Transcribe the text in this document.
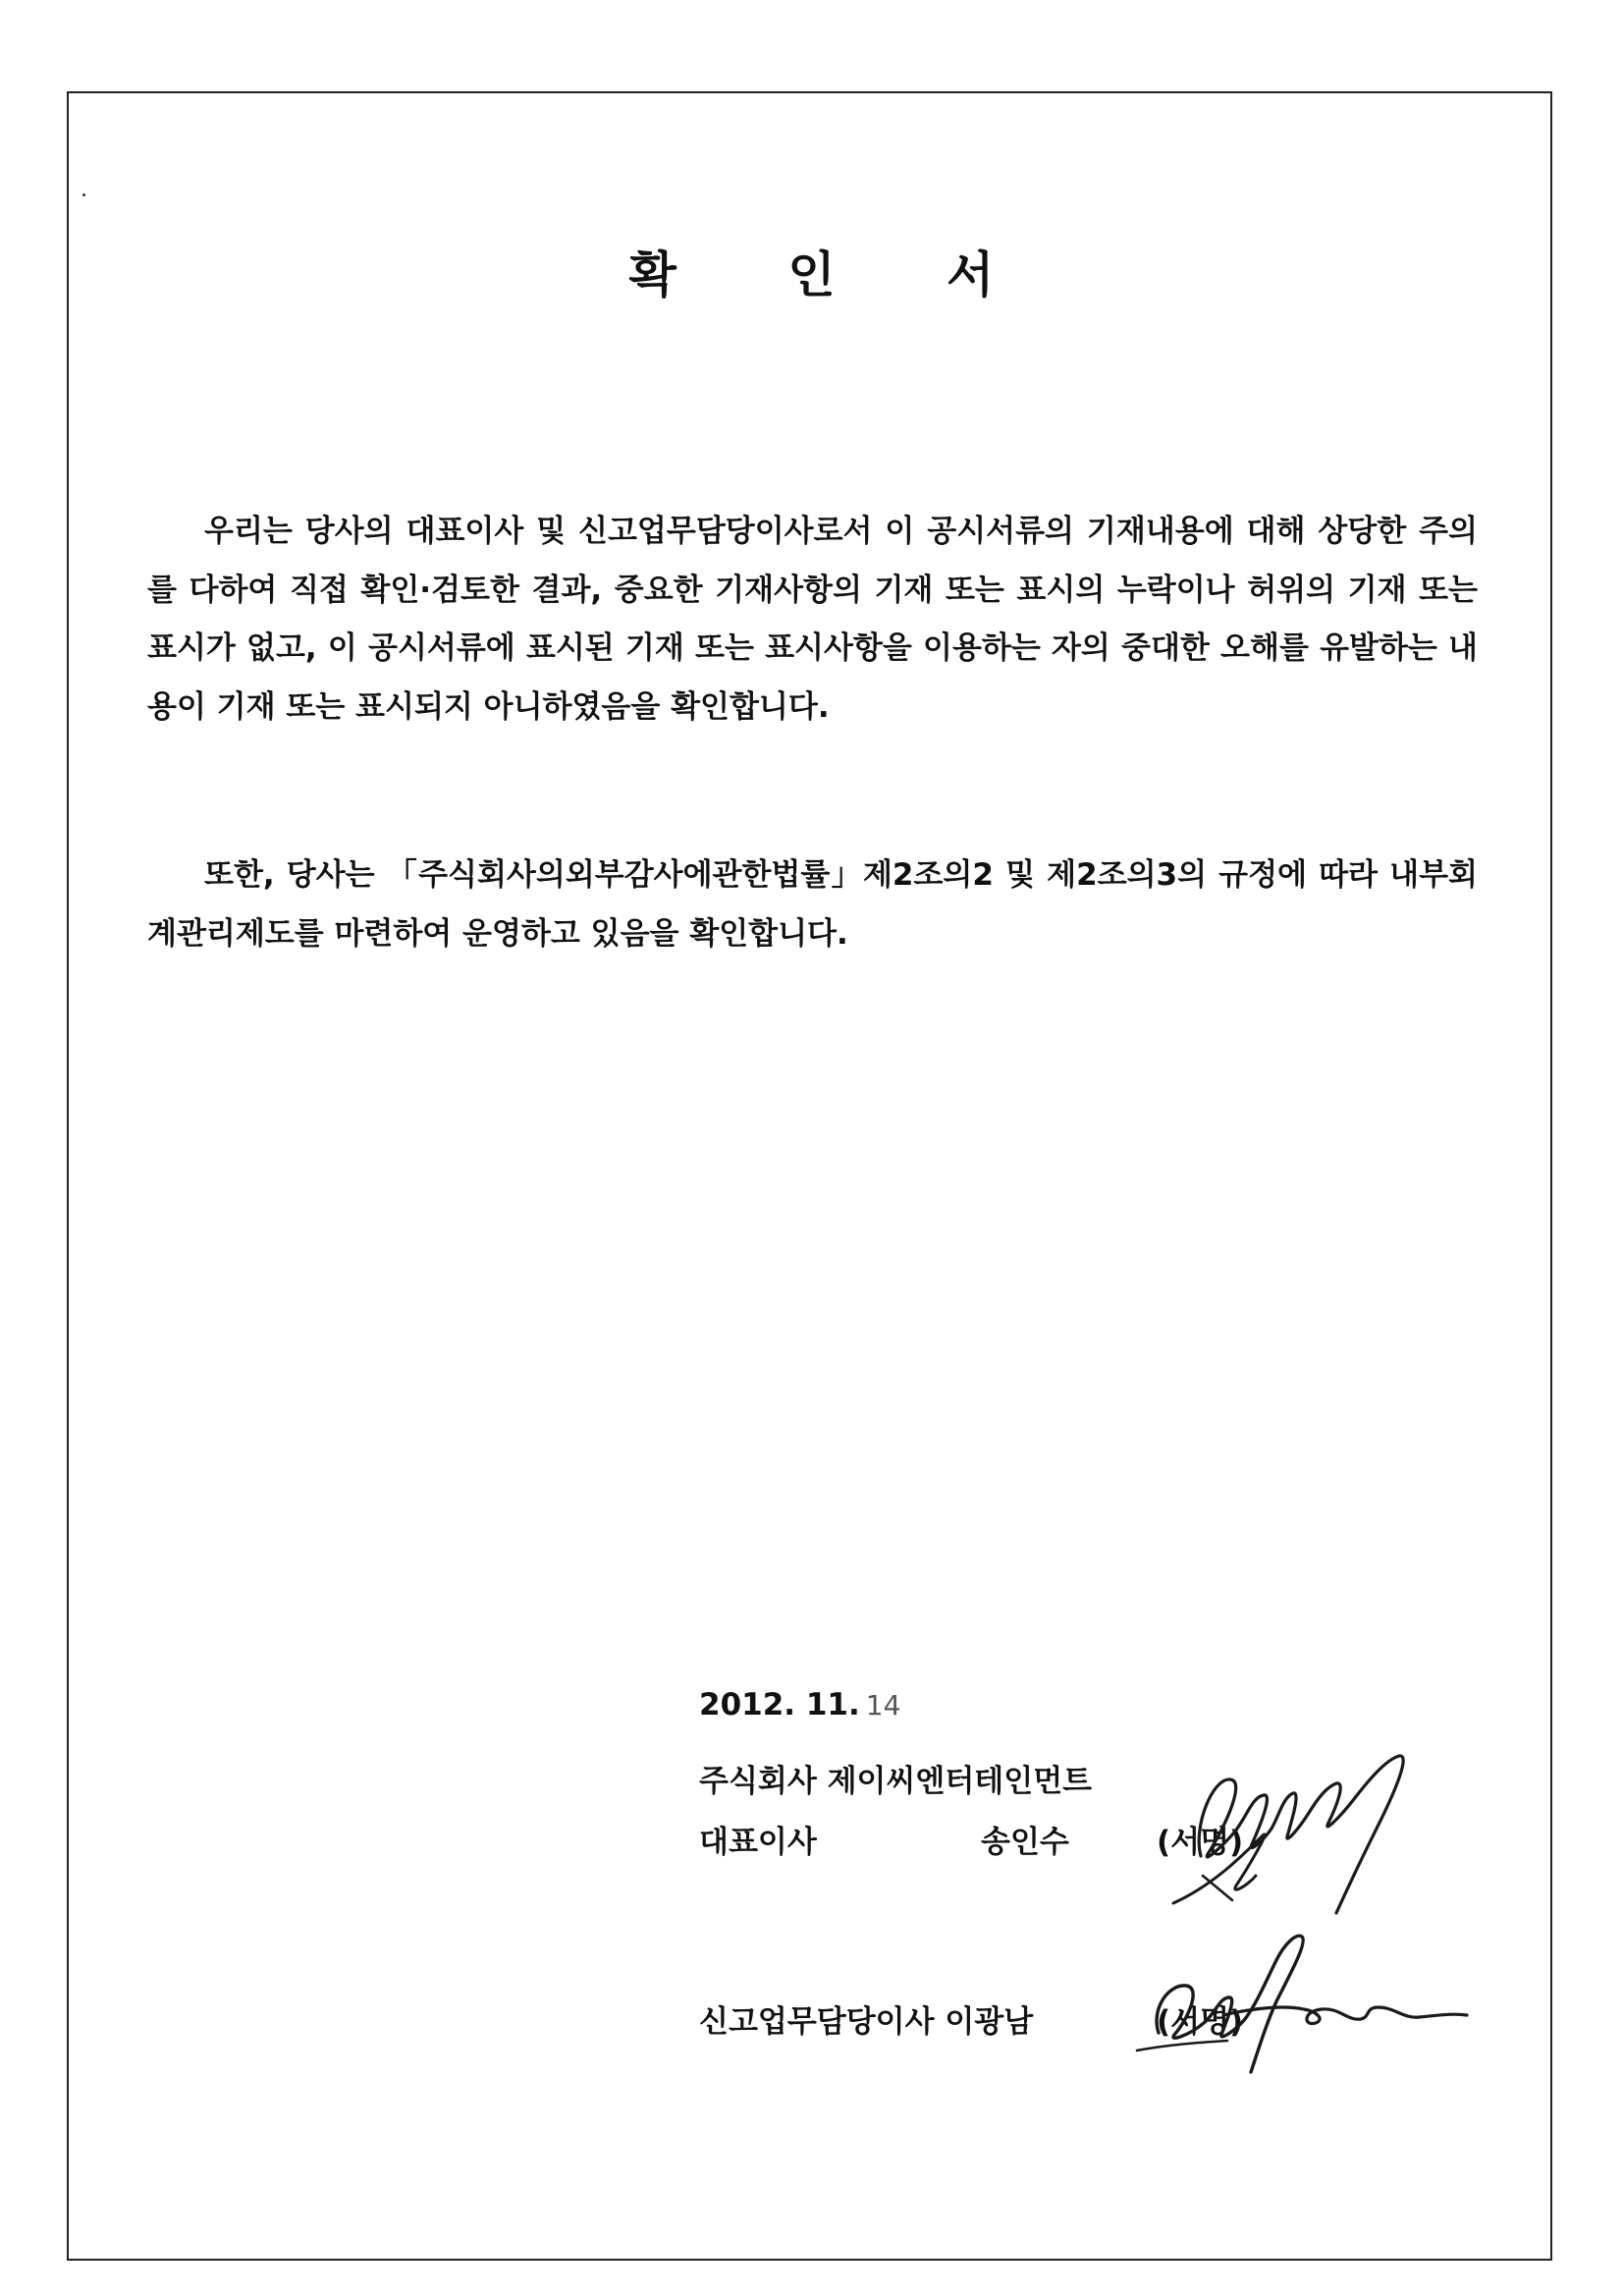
확 인 서

우리는 당사의 대표이사 및 신고업무담당이사로서 이 공시서류의 기재내용에 대해 상당한 주의를 다하여 직접 확인·검토한 결과, 중요한 기재사항의 기재 또는 표시의 누락이나 허위의 기재 또는 표시가 없고, 이 공시서류에 표시된 기재 또는 표시사항을 이용하는 자의 중대한 오해를 유발하는 내용이 기재 또는 표시되지 아니하였음을 확인합니다.

또한, 당사는 「주식회사의외부감사에관한법률」제2조의2 및 제2조의3의 규정에 따라 내부회계관리제도를 마련하여 운영하고 있음을 확인합니다.

2012. 11. 14
주식회사 제이씨엔터테인먼트
대표이사	송인수	(서명)
신고업무담당이사 이광남	(서명)
